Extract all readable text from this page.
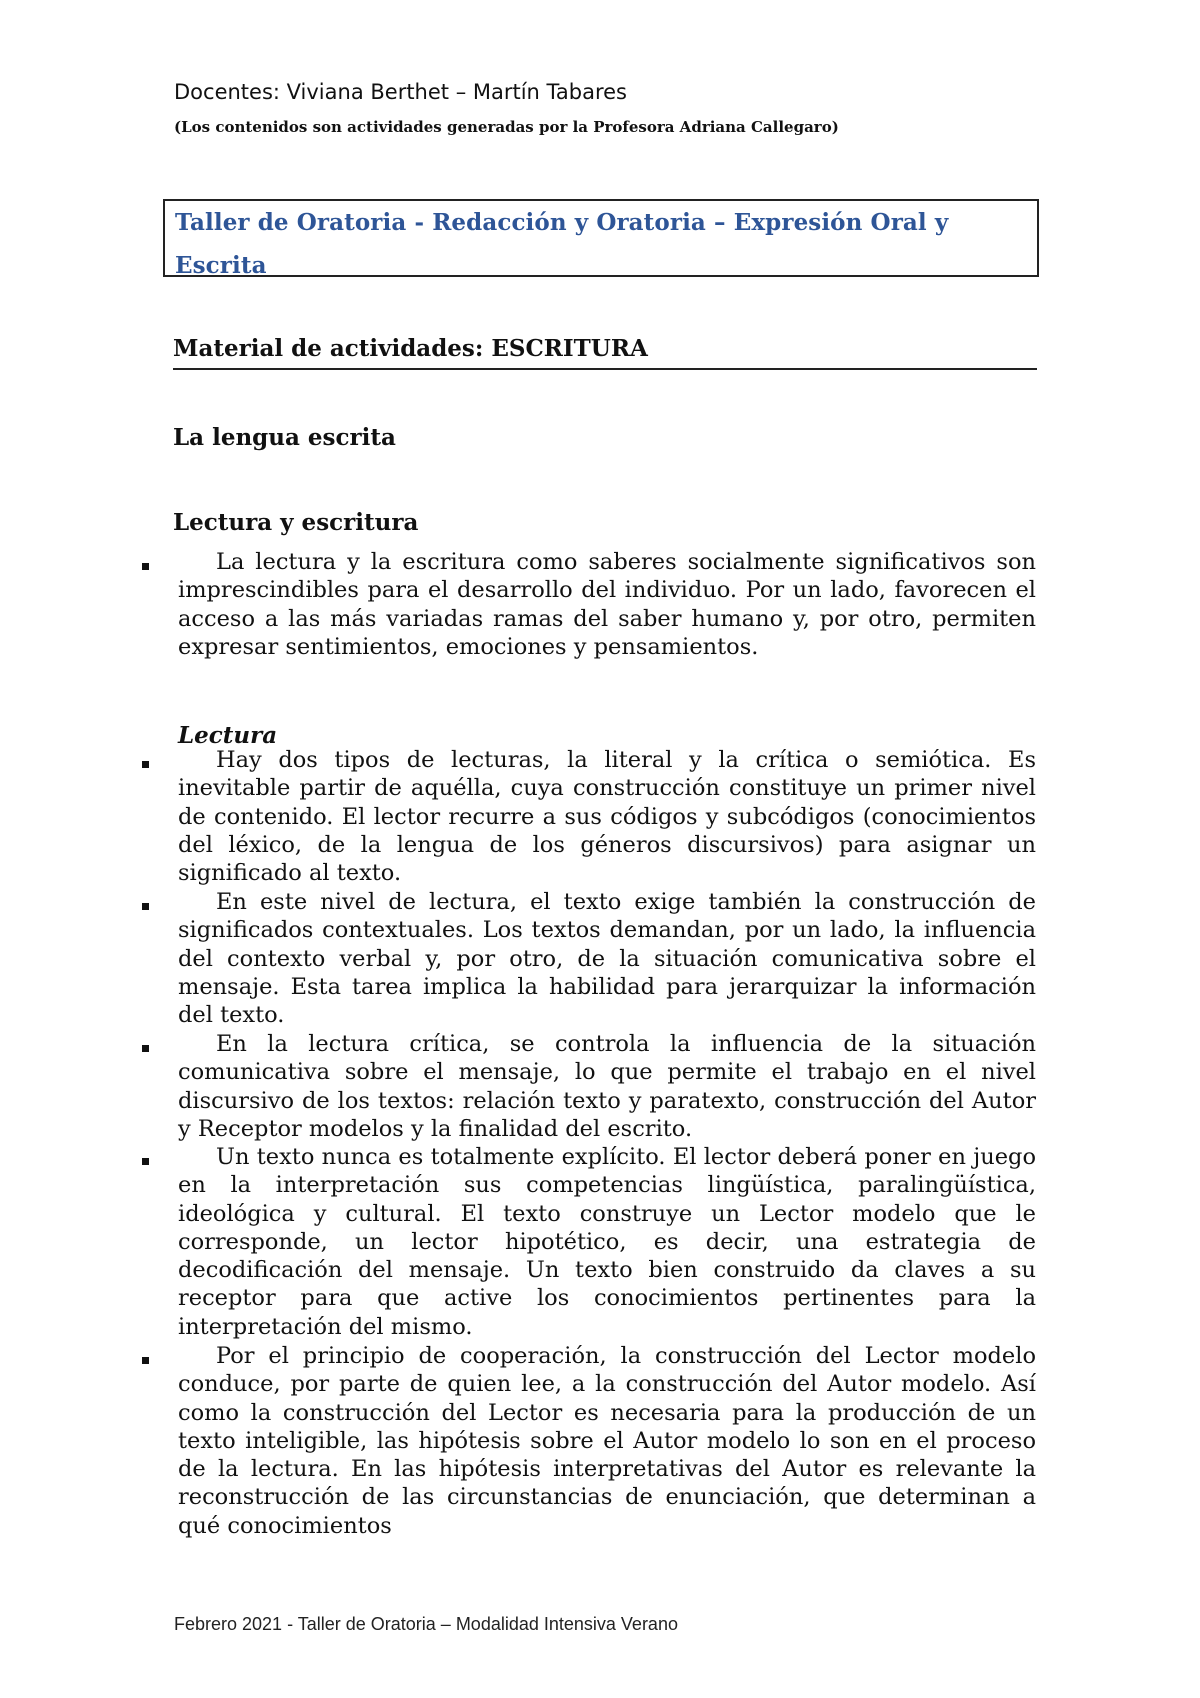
Docentes: Viviana Berthet – Martín Tabares
(Los contenidos son actividades generadas por la Profesora Adriana Callegaro)
Taller de Oratoria - Redacción y Oratoria – Expresión Oral y Escrita
Material de actividades: ESCRITURA
La lengua escrita
Lectura y escritura
La lectura y la escritura como saberes socialmente significativos son imprescindibles para el desarrollo del individuo. Por un lado, favorecen el acceso a las más variadas ramas del saber humano y, por otro, permiten expresar sentimientos, emociones y pensamientos.
Lectura
Hay dos tipos de lecturas, la literal y la crítica o semiótica. Es inevitable partir de aquélla, cuya construcción constituye un primer nivel de contenido. El lector recurre a sus códigos y subcódigos (conocimientos del léxico, de la lengua de los géneros discursivos) para asignar un significado al texto.
En este nivel de lectura, el texto exige también la construcción de significados contextuales. Los textos demandan, por un lado, la influencia del contexto verbal y, por otro, de la situación comunicativa sobre el mensaje. Esta tarea implica la habilidad para jerarquizar la información del texto.
En la lectura crítica, se controla la influencia de la situación comunicativa sobre el mensaje, lo que permite el trabajo en el nivel discursivo de los textos: relación texto y paratexto, construcción del Autor y Receptor modelos y la finalidad del escrito.
Un texto nunca es totalmente explícito. El lector deberá poner en juego en la interpretación sus competencias lingüística, paralingüística, ideológica y cultural. El texto construye un Lector modelo que le corresponde, un lector hipotético, es decir, una estrategia de decodificación del mensaje. Un texto bien construido da claves a su receptor para que active los conocimientos pertinentes para la interpretación del mismo.
Por el principio de cooperación, la construcción del Lector modelo conduce, por parte de quien lee, a la construcción del Autor modelo. Así como la construcción del Lector es necesaria para la producción de un texto inteligible, las hipótesis sobre el Autor modelo lo son en el proceso de la lectura. En las hipótesis interpretativas del Autor es relevante la reconstrucción de las circunstancias de enunciación, que determinan a qué conocimientos
Febrero 2021 - Taller de Oratoria – Modalidad Intensiva Verano
